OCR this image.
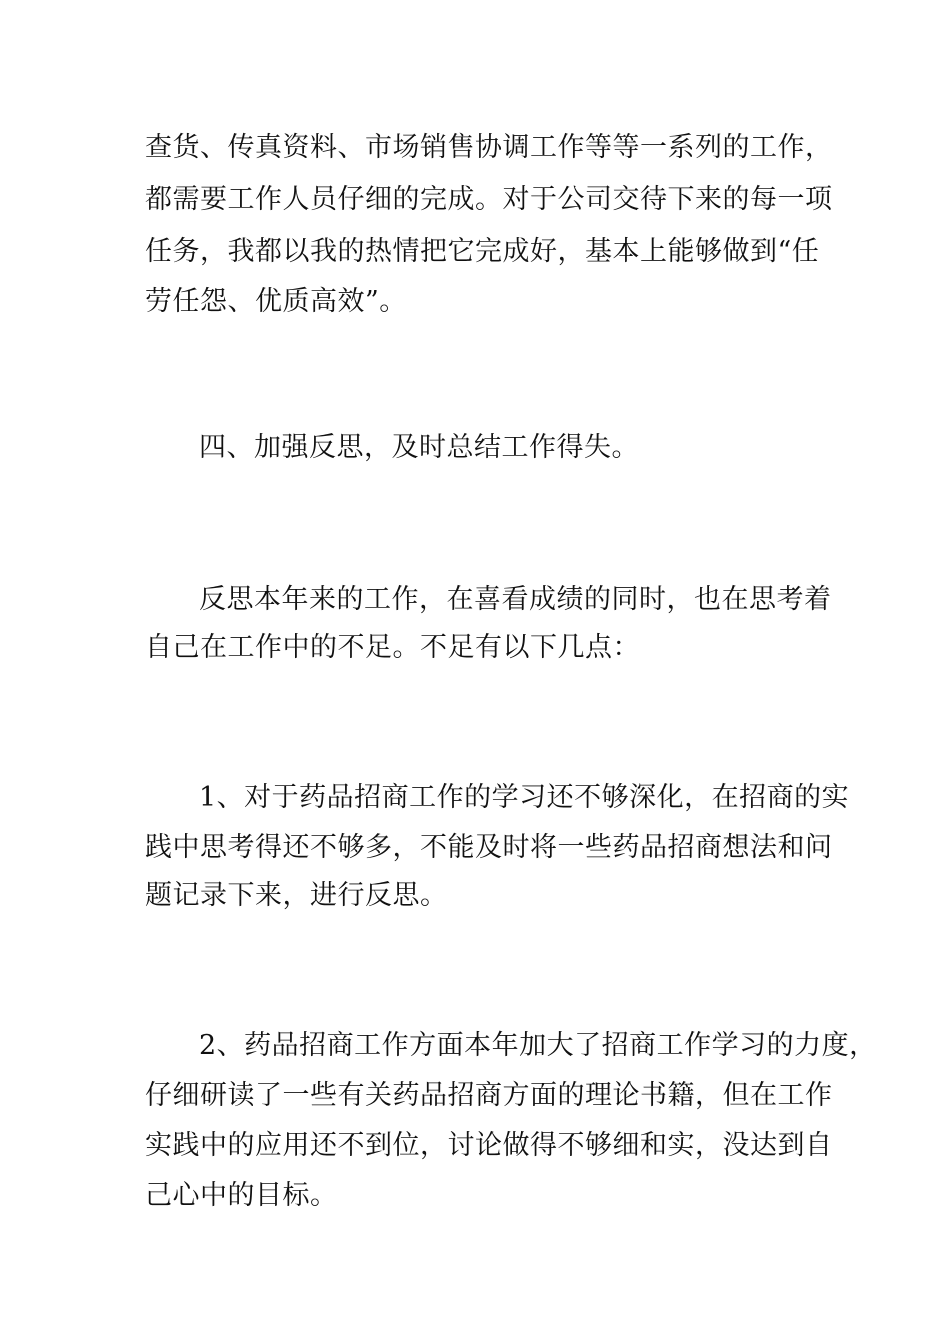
查货、传真资料、市场销售协调工作等等一系列的工作，
都需要工作人员仔细的完成。对于公司交待下来的每一项
任务，我都以我的热情把它完成好，基本上能够做到“任
劳任怨、优质高效”。
四、加强反思，及时总结工作得失。
反思本年来的工作，在喜看成绩的同时，也在思考着
自己在工作中的不足。不足有以下几点：
1、对于药品招商工作的学习还不够深化，在招商的实
践中思考得还不够多，不能及时将一些药品招商想法和问
题记录下来，进行反思。
2、药品招商工作方面本年加大了招商工作学习的力度，
仔细研读了一些有关药品招商方面的理论书籍，但在工作
实践中的应用还不到位，讨论做得不够细和实，没达到自
己心中的目标。
